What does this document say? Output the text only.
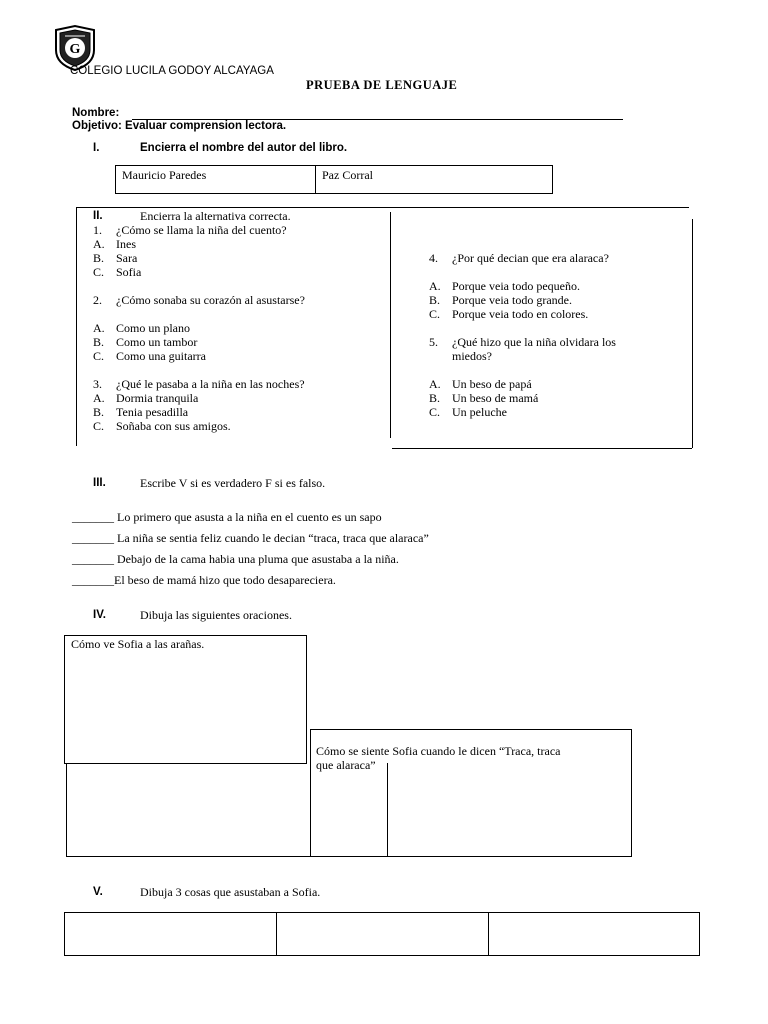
G
COLEGIO LUCILA GODOY ALCAYAGA
PRUEBA DE LENGUAJE
Nombre:
Objetivo: Evaluar comprension lectora.
I.	Encierra el nombre del autor del libro.
Mauricio Paredes	Paz Corral
II.	Encierra la alternativa correcta.
1. ¿Cómo se llama la niña del cuento?
A. Ines
B. Sara
C. Sofia
2. ¿Cómo sonaba su corazón al asustarse?
A. Como un plano
B. Como un tambor
C. Como una guitarra
3. ¿Qué le pasaba a la niña en las noches?
A. Dormia tranquila
B. Tenia pesadilla
C. Soñaba con sus amigos.
4. ¿Por qué decian que era alaraca?
A. Porque veia todo pequeño.
B. Porque veia todo grande.
C. Porque veia todo en colores.
5. ¿Qué hizo que la niña olvidara los
miedos?
A. Un beso de papá
B. Un beso de mamá
C. Un peluche
III.	Escribe V si es verdadero F si es falso.
_______ Lo primero que asusta a la niña en el cuento es un sapo
_______ La niña se sentia feliz cuando le decian “traca, traca que alaraca”
_______ Debajo de la cama habia una pluma que asustaba a la niña.
_______El beso de mamá hizo que todo desapareciera.
IV.	Dibuja las siguientes oraciones.
Cómo ve Sofia a las arañas.
Cómo se siente Sofia cuando le dicen “Traca, traca
que alaraca”
V.	Dibuja 3 cosas que asustaban a Sofia.
